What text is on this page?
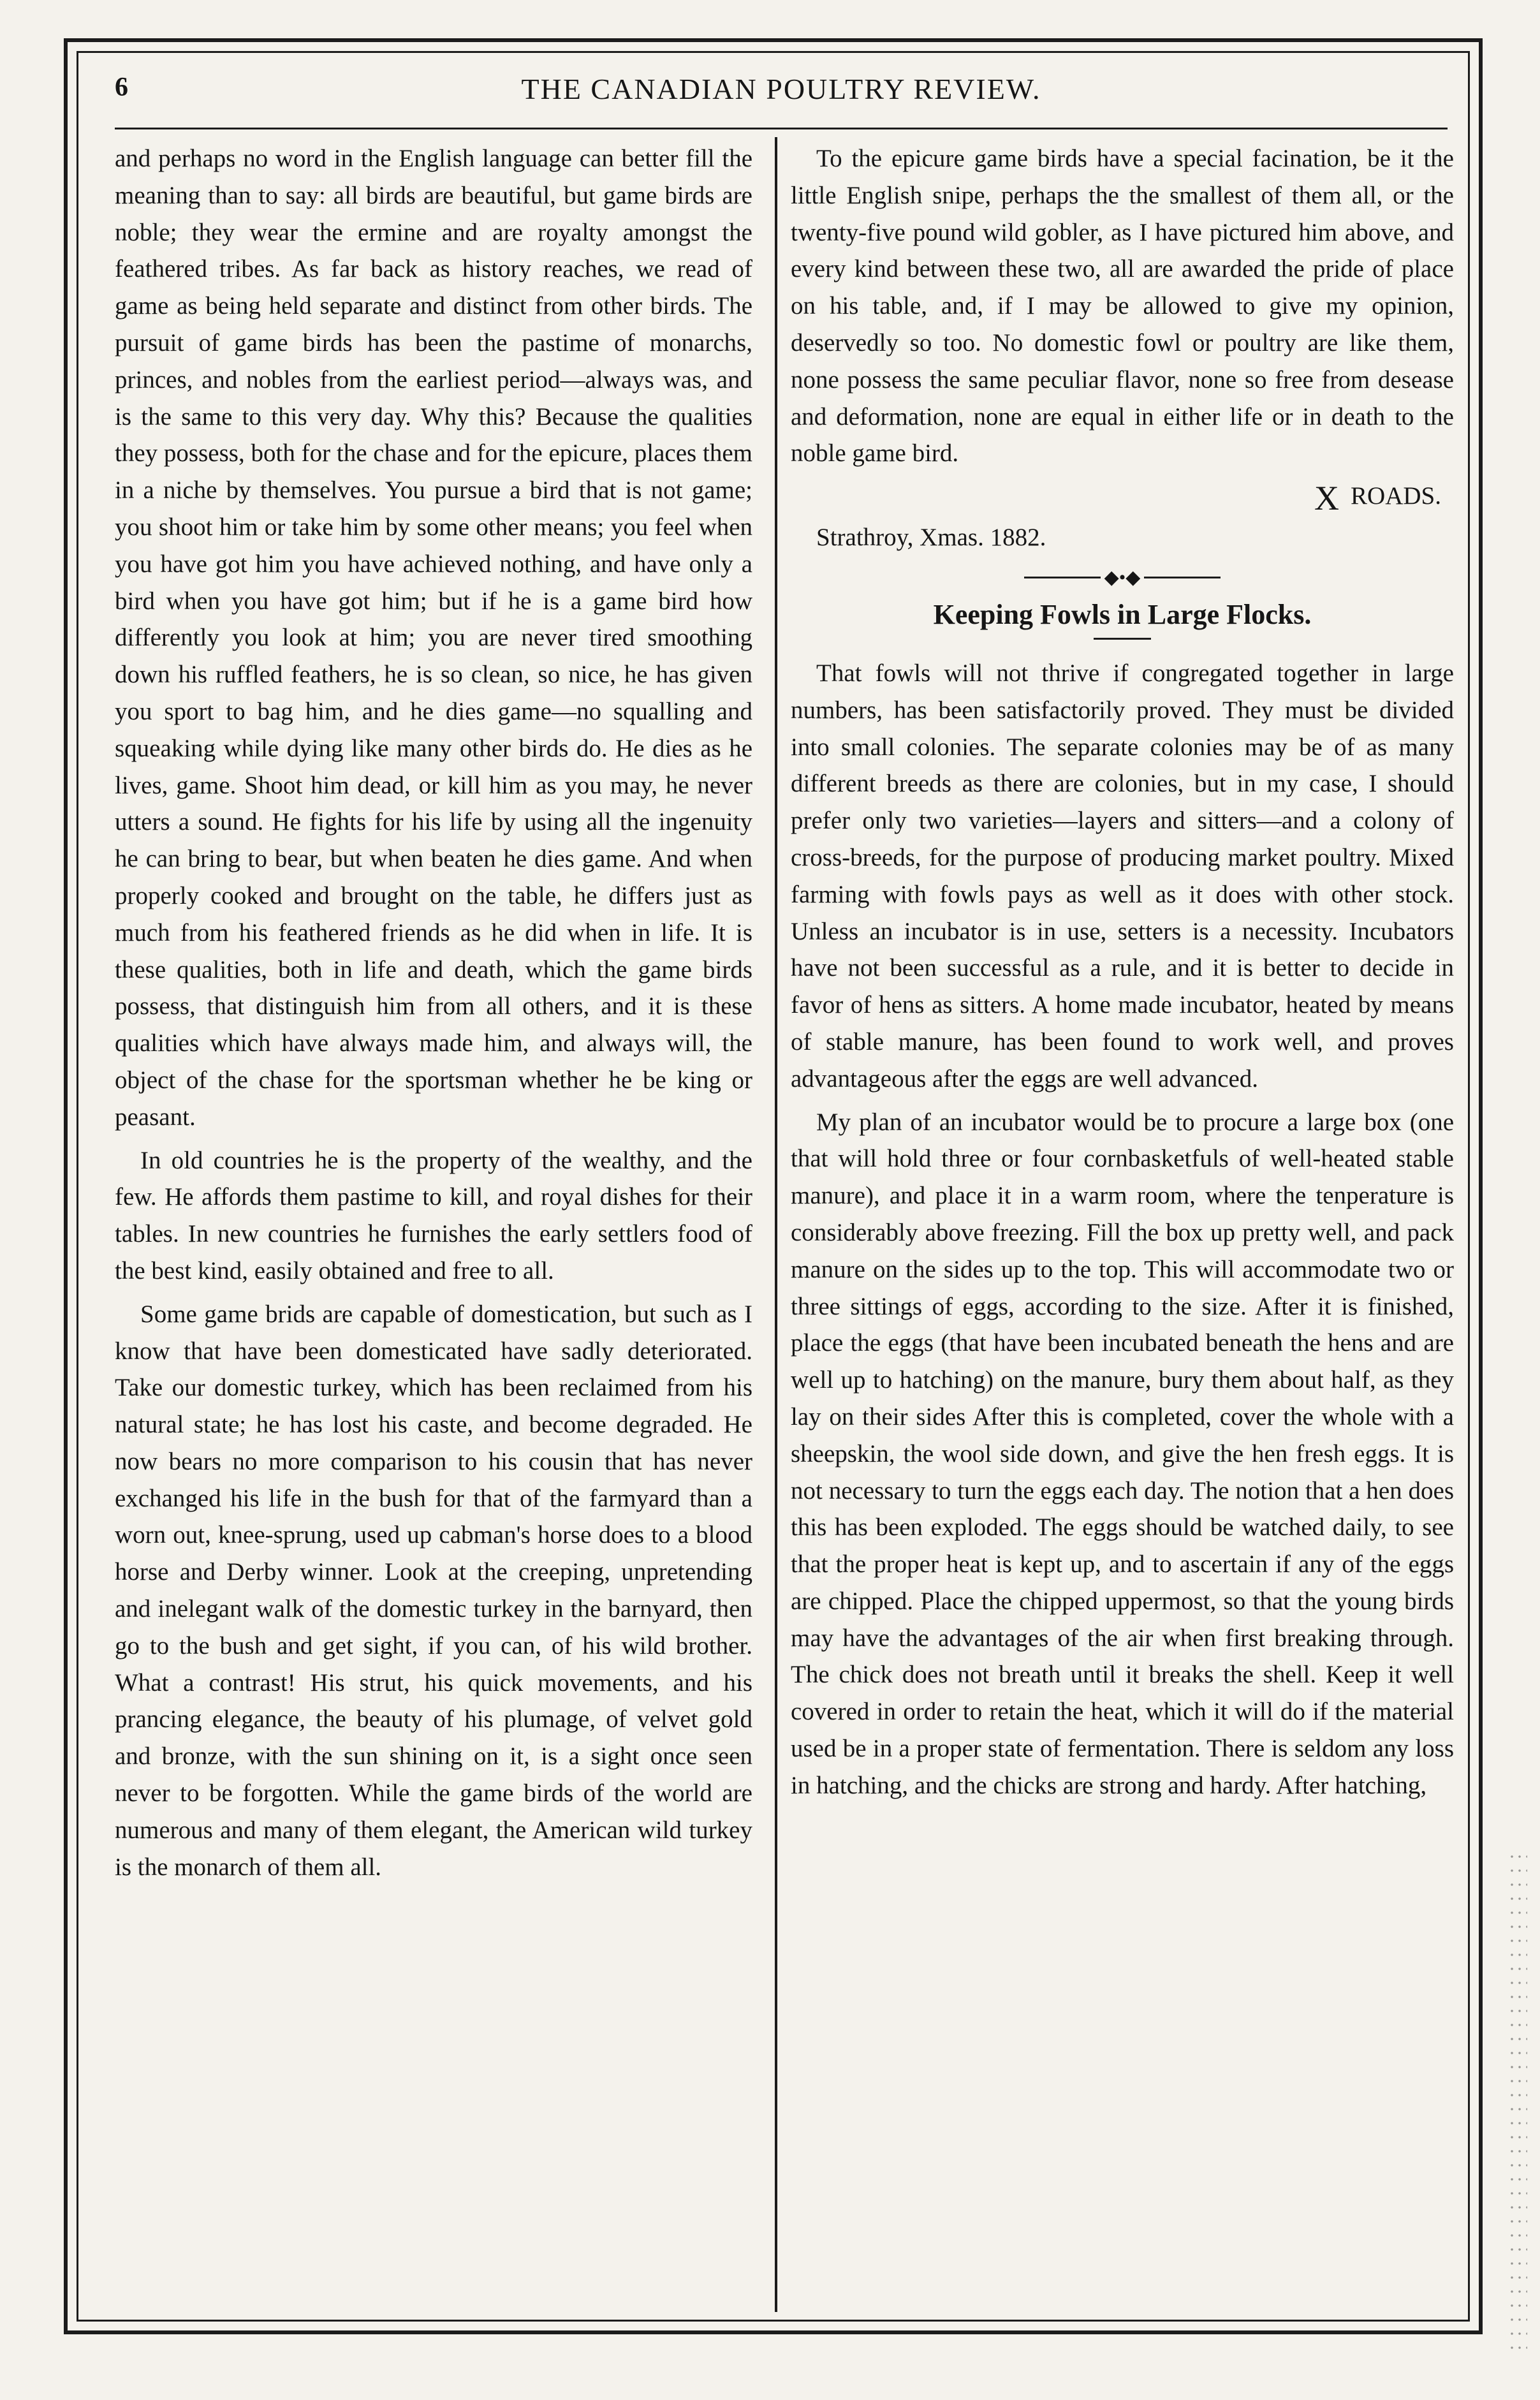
6	THE CANADIAN POULTRY REVIEW.

and perhaps no word in the English language can better fill the meaning than to say: all birds are beautiful, but game birds are noble; they wear the ermine and are royalty amongst the feathered tribes. As far back as history reaches, we read of game as being held separate and distinct from other birds. The pursuit of game birds has been the pastime of monarchs, princes, and nobles from the earliest period—always was, and is the same to this very day. Why this? Because the qualities they possess, both for the chase and for the epicure, places them in a niche by themselves. You pursue a bird that is not game; you shoot him or take him by some other means; you feel when you have got him you have achieved nothing, and have only a bird when you have got him; but if he is a game bird how differently you look at him; you are never tired smoothing down his ruffled feathers, he is so clean, so nice, he has given you sport to bag him, and he dies game—no squalling and squeaking while dying like many other birds do. He dies as he lives, game. Shoot him dead, or kill him as you may, he never utters a sound. He fights for his life by using all the ingenuity he can bring to bear, but when beaten he dies game. And when properly cooked and brought on the table, he differs just as much from his feathered friends as he did when in life. It is these qualities, both in life and death, which the game birds possess, that distinguish him from all others, and it is these qualities which have always made him, and always will, the object of the chase for the sportsman whether he be king or peasant.

In old countries he is the property of the wealthy, and the few. He affords them pastime to kill, and royal dishes for their tables. In new countries he furnishes the early settlers food of the best kind, easily obtained and free to all.

Some game brids are capable of domestication, but such as I know that have been domesticated have sadly deteriorated. Take our domestic turkey, which has been reclaimed from his natural state; he has lost his caste, and become degraded. He now bears no more comparison to his cousin that has never exchanged his life in the bush for that of the farmyard than a worn out, knee-sprung, used up cabman's horse does to a blood horse and Derby winner. Look at the creeping, unpretending and inelegant walk of the domestic turkey in the barnyard, then go to the bush and get sight, if you can, of his wild brother. What a contrast! His strut, his quick movements, and his prancing elegance, the beauty of his plumage, of velvet gold and bronze, with the sun shining on it, is a sight once seen never to be forgotten. While the game birds of the world are numerous and many of them elegant, the American wild turkey is the monarch of them all.

To the epicure game birds have a special facination, be it the little English snipe, perhaps the the smallest of them all, or the twenty-five pound wild gobler, as I have pictured him above, and every kind between these two, all are awarded the pride of place on his table, and, if I may be allowed to give my opinion, deservedly so too. No domestic fowl or poultry are like them, none possess the same peculiar flavor, none so free from desease and deformation, none are equal in either life or in death to the noble game bird.

X ROADS.
Strathroy, Xmas. 1882.
◆•◆
Keeping Fowls in Large Flocks.

That fowls will not thrive if congregated together in large numbers, has been satisfactorily proved. They must be divided into small colonies. The separate colonies may be of as many different breeds as there are colonies, but in my case, I should prefer only two varieties—layers and sitters—and a colony of cross-breeds, for the purpose of producing market poultry. Mixed farming with fowls pays as well as it does with other stock. Unless an incubator is in use, setters is a necessity. Incubators have not been successful as a rule, and it is better to decide in favor of hens as sitters. A home made incubator, heated by means of stable manure, has been found to work well, and proves advantageous after the eggs are well advanced.

My plan of an incubator would be to procure a large box (one that will hold three or four cornbasketfuls of well-heated stable manure), and place it in a warm room, where the tenperature is considerably above freezing. Fill the box up pretty well, and pack manure on the sides up to the top. This will accommodate two or three sittings of eggs, according to the size. After it is finished, place the eggs (that have been incubated beneath the hens and are well up to hatching) on the manure, bury them about half, as they lay on their sides After this is completed, cover the whole with a sheepskin, the wool side down, and give the hen fresh eggs. It is not necessary to turn the eggs each day. The notion that a hen does this has been exploded. The eggs should be watched daily, to see that the proper heat is kept up, and to ascertain if any of the eggs are chipped. Place the chipped uppermost, so that the young birds may have the advantages of the air when first breaking through. The chick does not breath until it breaks the shell. Keep it well covered in order to retain the heat, which it will do if the material used be in a proper state of fermentation. There is seldom any loss in hatching, and the chicks are strong and hardy. After hatching,
